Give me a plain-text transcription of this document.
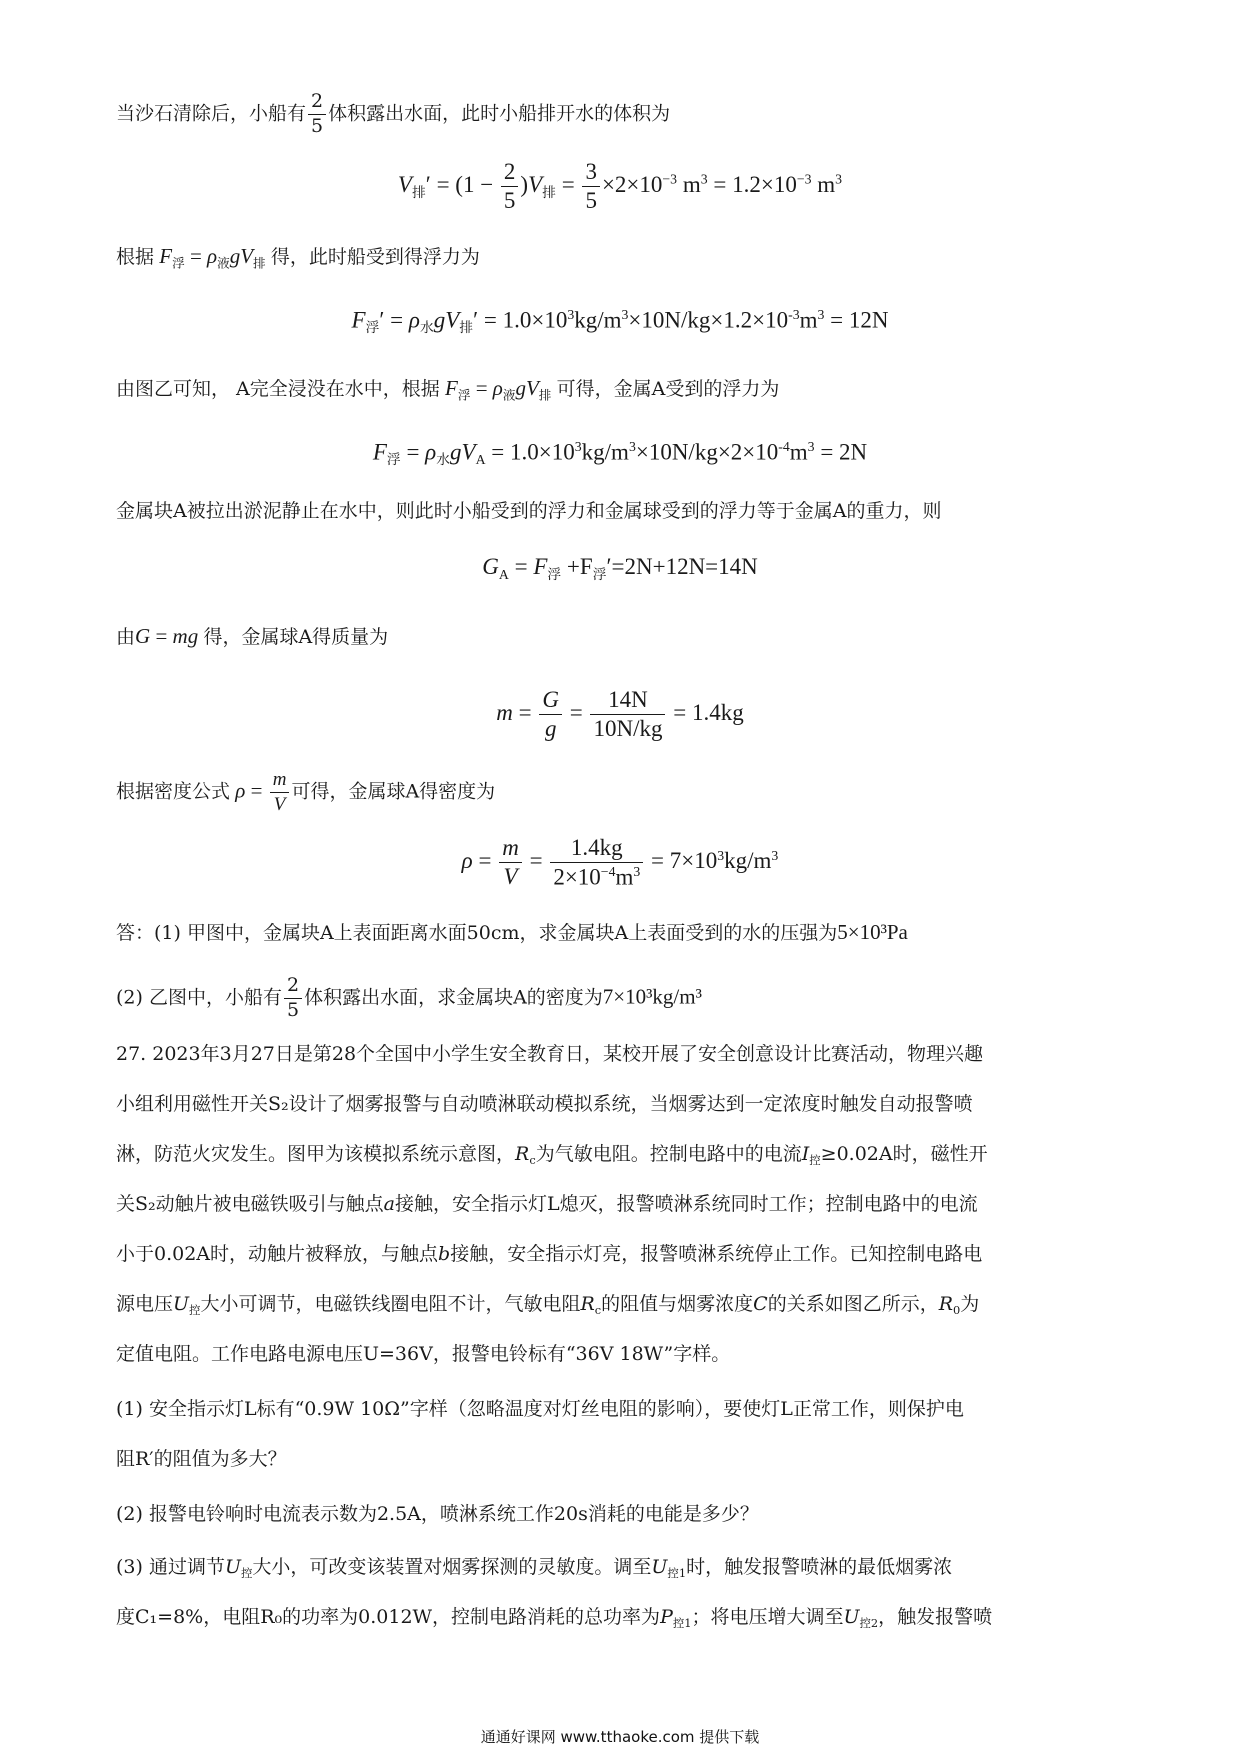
当沙石清除后，小船有 $\frac{2}{5}$ 体积露出水面，此时小船排开水的体积为
$V_排' = (1 - \frac{2}{5} )V_排 = \frac{3}{5} \times 2\times 10^{-3}$ $m^3 = 1.2\times 10^{-3}$ $m^3$
根据 $F_浮 = \rho_液gV_排$ 得，此时船受到得浮力为
$F_浮' = \rho_水gV_排' = 1.0\times 10^3kg/m^3\times 10N/kg\times 1.2\times 10^{-3}m^3 = 12N$
由图乙可知， A完全浸没在水中，根据 $F_浮 = \rho_液gV_排$ 可得，金属A受到的浮力为
$F_浮 = \rho_水gV_A = 1.0\times 10^3kg/m^3\times 10N/kg\times 2\times 10^{-4}m^3 = 2N$
金属块A被拉出淤泥静止在水中，则此时小船受到的浮力和金属球受到的浮力等于金属A的重力，则
$G_A = F_浮 +F_浮'=2N+12N=14N$
由G = mg 得，金属球A得质量为
$m = \frac{G}{g} = \frac{14N}{10N/kg} = 1.4kg$
根据密度公式 $\rho = \frac{m}{V}$ 可得，金属球A得密度为
$\rho = \frac{m}{V} = \frac{1.4kg}{2\times 10^{-4}m^3} = 7\times 10^3kg/m^3$
答：(1) 甲图中，金属块A上表面距离水面50cm，求金属块A上表面受到的水的压强为5×10³Pa
(2) 乙图中，小船有 $\frac{2}{5}$ 体积露出水面，求金属块A的密度为7×10³kg/m³
27. 2023年3月27日是第28个全国中小学生安全教育日，某校开展了安全创意设计比赛活动，物理兴趣
小组利用磁性开关S₂设计了烟雾报警与自动喷淋联动模拟系统，当烟雾达到一定浓度时触发自动报警喷
淋，防范火灾发生。图甲为该模拟系统示意图，$R_c$为气敏电阻。控制电路中的电流$I_控\ge 0.02A$时，磁性开
关S₂动触片被电磁铁吸引与触点a接触，安全指示灯L熄灭，报警喷淋系统同时工作；控制电路中的电流
小于0.02A时，动触片被释放，与触点b接触，安全指示灯亮，报警喷淋系统停止工作。已知控制电路电
源电压$U_控$大小可调节，电磁铁线圈电阻不计，气敏电阻$R_c$的阻值与烟雾浓度C的关系如图乙所示，$R_0$为
定值电阻。工作电路电源电压U=36V，报警电铃标有“36V 18W”字样。
(1) 安全指示灯L标有“0.9W 10Ω”字样（忽略温度对灯丝电阻的影响），要使灯L正常工作，则保护电
阻R′的阻值为多大？
(2) 报警电铃响时电流表示数为2.5A，喷淋系统工作20s消耗的电能是多少？
(3) 通过调节$U_控$大小，可改变该装置对烟雾探测的灵敏度。调至$U_{控1}$时，触发报警喷淋的最低烟雾浓
度C₁=8%，电阻R₀的功率为0.012W，控制电路消耗的总功率为$P_{控1}$；将电压增大调至$U_{控2}$，触发报警喷
通通好课网 www.tthaoke.com 提供下载
